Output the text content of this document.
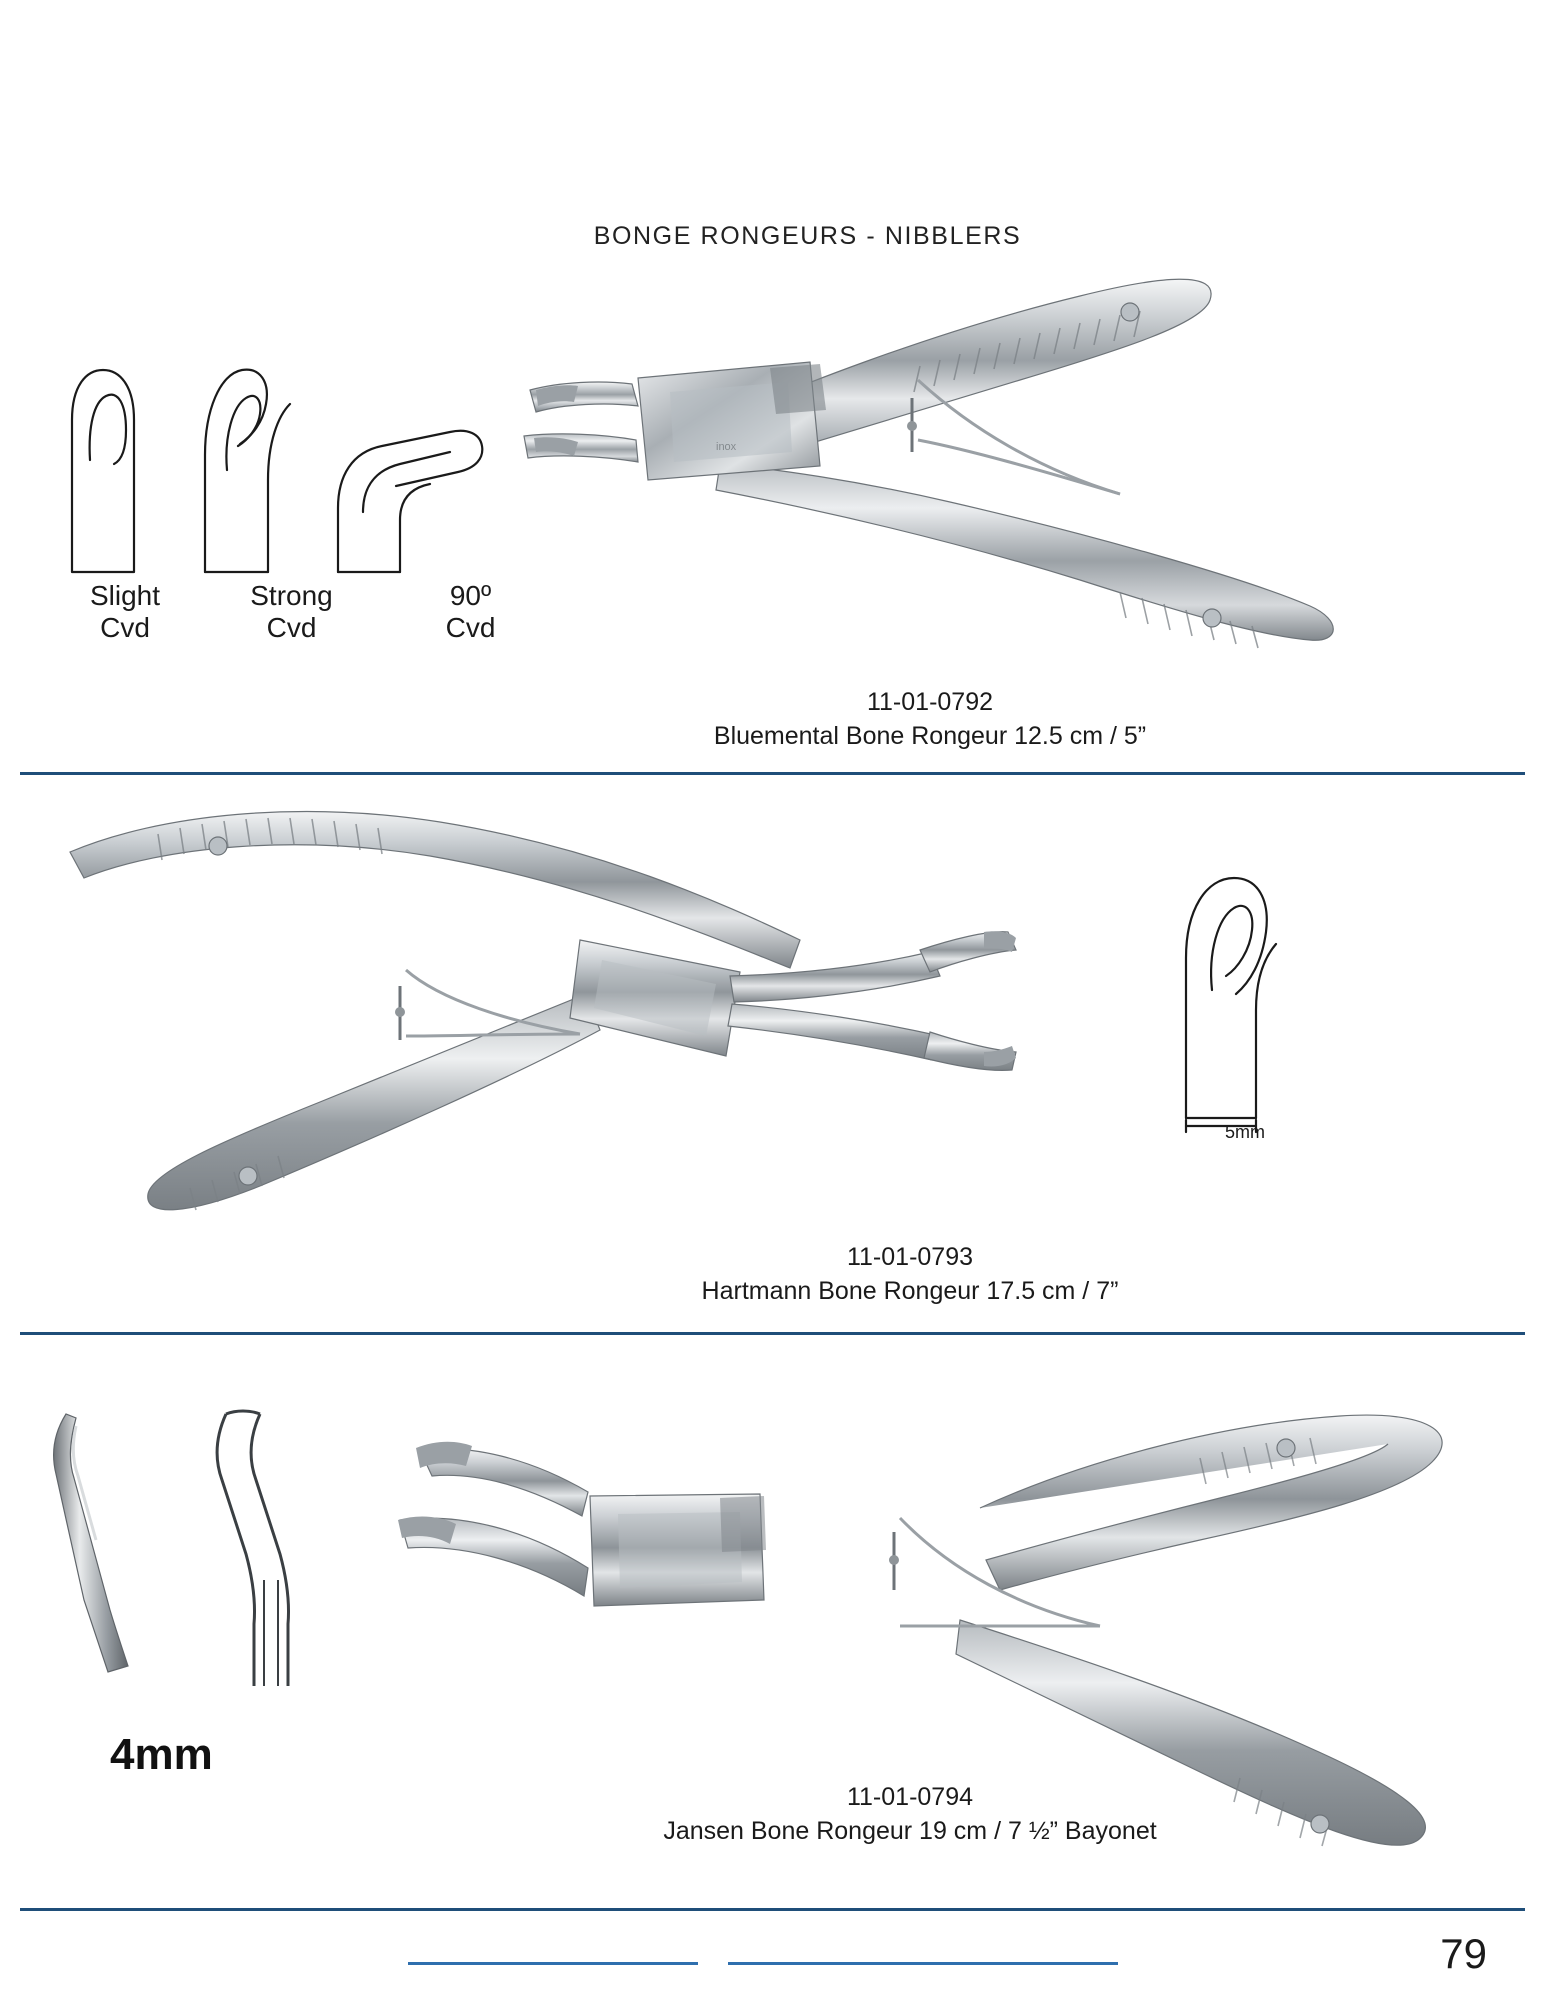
BONGE RONGEURS - NIBBLERS
Slight
Cvd
Strong
Cvd
90º
Cvd
inox
11-01-0792
Bluemental Bone Rongeur 12.5 cm / 5”
5mm
11-01-0793
Hartmann Bone Rongeur 17.5 cm / 7”
4mm
11-01-0794
Jansen Bone Rongeur 19 cm / 7 ½” Bayonet
79
